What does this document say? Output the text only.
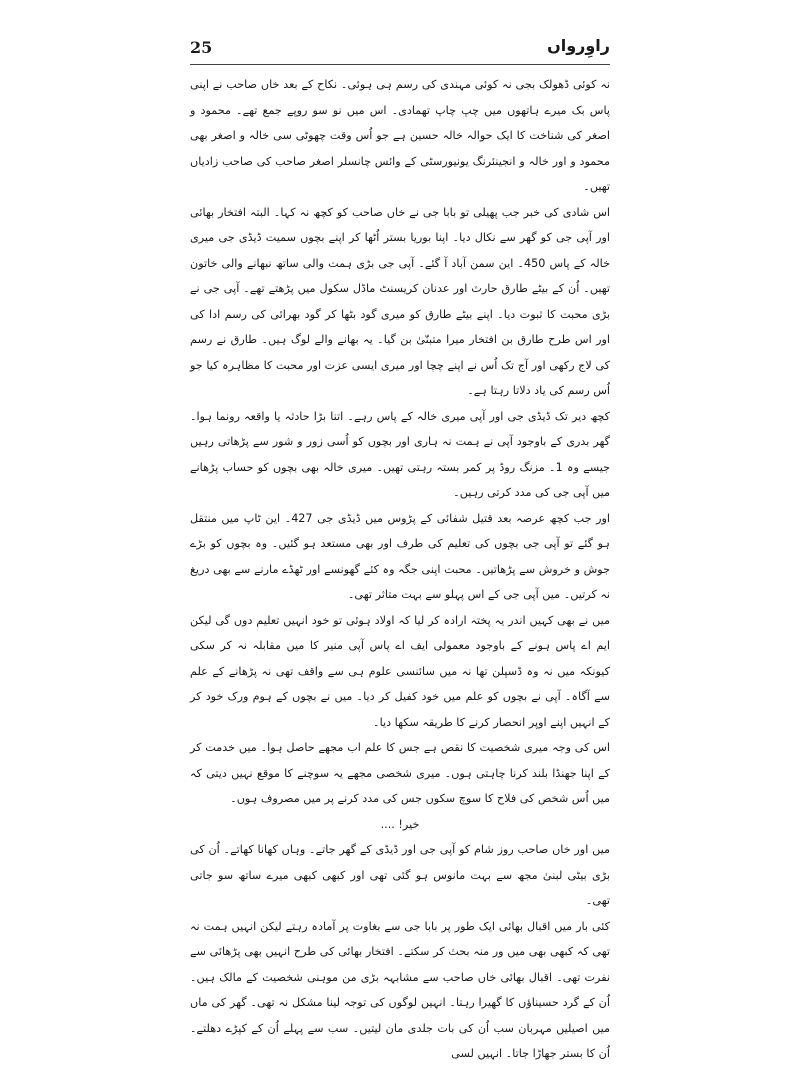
25	راوِرواں

نہ کوئی ڈھولک بجی نہ کوئی مہندی کی رسم ہی ہوئی۔ نکاح کے بعد خاں صاحب نے اپنی پاس بک میرے ہاتھوں میں چپ چاپ تھمادی۔ اس میں نو سو روپے جمع تھے۔ محمود و اصغر کی شناخت کا ایک حوالہ خالہ حسین ہے جو اُس وقت چھوٹی سی خالہ و اصغر بھی محمود و اور خالہ و انجینئرنگ یونیورسٹی کے وائس چانسلر اصغر صاحب کی صاحب زادیاں تھیں۔

اس شادی کی خبر جب پھیلی تو بابا جی نے خاں صاحب کو کچھ نہ کہا۔ البتہ افتخار بھائی اور آپی جی کو گھر سے نکال دیا۔ اپنا بوریا بستر اُٹھا کر اپنے بچوں سمیت ڈیڈی جی میری خالہ کے پاس 450۔ این سمن آباد آ گئے۔ آپی جی بڑی ہمت والی ساتھ نبھانے والی خاتون تھیں۔ اُن کے بیٹے طارق حارث اور عدنان کریسنٹ ماڈل سکول میں پڑھتے تھے۔ آپی جی نے بڑی محبت کا ثبوت دیا۔ اپنے بیٹے طارق کو میری گود بٹھا کر گود بھرائی کی رسم ادا کی اور اس طرح طارق بن افتخار میرا متبنّیٰ بن گیا۔ یہ بھانے والے لوگ ہیں۔ طارق نے رسم کی لاج رکھی اور آج تک اُس نے اپنے چچا اور میری ایسی عزت اور محبت کا مظاہرہ کیا جو اُس رسم کی یاد دلاتا رہتا ہے۔

کچھ دیر تک ڈیڈی جی اور آپی میری خالہ کے پاس رہے۔ اتنا بڑا حادثہ یا واقعہ رونما ہوا۔ گھر بدری کے باوجود آپی نے ہمت نہ ہاری اور بچوں کو اُسی زور و شور سے پڑھاتی رہیں جیسے وہ 1۔ مزنگ روڈ پر کمر بستہ رہتی تھیں۔ میری خالہ بھی بچوں کو حساب پڑھانے میں آپی جی کی مدد کرتی رہیں۔

اور جب کچھ عرصہ بعد قتیل شفائی کے پڑوس میں ڈیڈی جی 427۔ این ٹاپ میں منتقل ہو گئے تو آپی جی بچوں کی تعلیم کی طرف اور بھی مستعد ہو گئیں۔ وہ بچوں کو بڑے جوش و خروش سے پڑھاتیں۔ محبت اپنی جگہ وہ کئے گھونسے اور ٹھڈے مارنے سے بھی دریغ نہ کرتیں۔ میں آپی جی کے اس پہلو سے بہت متاثر تھی۔

میں نے بھی کہیں اندر یہ پختہ ارادہ کر لیا کہ اولاد ہوئی تو خود انہیں تعلیم دوں گی لیکن ایم اے پاس ہونے کے باوجود معمولی ایف اے پاس آپی منیر کا میں مقابلہ نہ کر سکی کیونکہ میں نہ وہ ڈسپلن تھا نہ میں سائنسی علوم ہی سے واقف تھی نہ پڑھانے کے علم سے آگاہ۔ آپی نے بچوں کو علم میں خود کفیل کر دیا۔ میں نے بچوں کے ہوم ورک خود کر کے انہیں اپنے اوپر انحصار کرنے کا طریقہ سکھا دیا۔

اس کی وجہ میری شخصیت کا نقص ہے جس کا علم اب مجھے حاصل ہوا۔ میں خدمت کر کے اپنا جھنڈا بلند کرنا چاہتی ہوں۔ میری شخصی مجھے یہ سوچنے کا موقع نہیں دیتی کہ میں اُس شخص کی فلاح کا سوچ سکوں جس کی مدد کرنے پر میں مصروف ہوں۔

خیر! ....

میں اور خاں صاحب روز شام کو آپی جی اور ڈیڈی کے گھر جاتے۔ وہاں کھانا کھاتے۔ اُن کی بڑی بیٹی لبنیٰ مجھ سے بہت مانوس ہو گئی تھی اور کبھی کبھی میرے ساتھ سو جاتی تھی۔

کئی بار میں اقبال بھائی ایک طور پر بابا جی سے بغاوت پر آمادہ رہتے لیکن انہیں ہمت نہ تھی کہ کبھی بھی میں ور منہ بحث کر سکتے۔ افتخار بھائی کی طرح انہیں بھی پڑھائی سے نفرت تھی۔ اقبال بھائی خاں صاحب سے مشابہہ بڑی من موہنی شخصیت کے مالک ہیں۔ اُن کے گرد حسیناؤں کا گھیرا رہتا۔ انہیں لوگوں کی توجہ لینا مشکل نہ تھی۔ گھر کی ماں میں اصیلیں مہربان سب اُن کی بات جلدی مان لیتیں۔ سب سے پہلے اُن کے کپڑے دھلتے۔ اُن کا بستر جھاڑا جاتا۔ انہیں لسی
